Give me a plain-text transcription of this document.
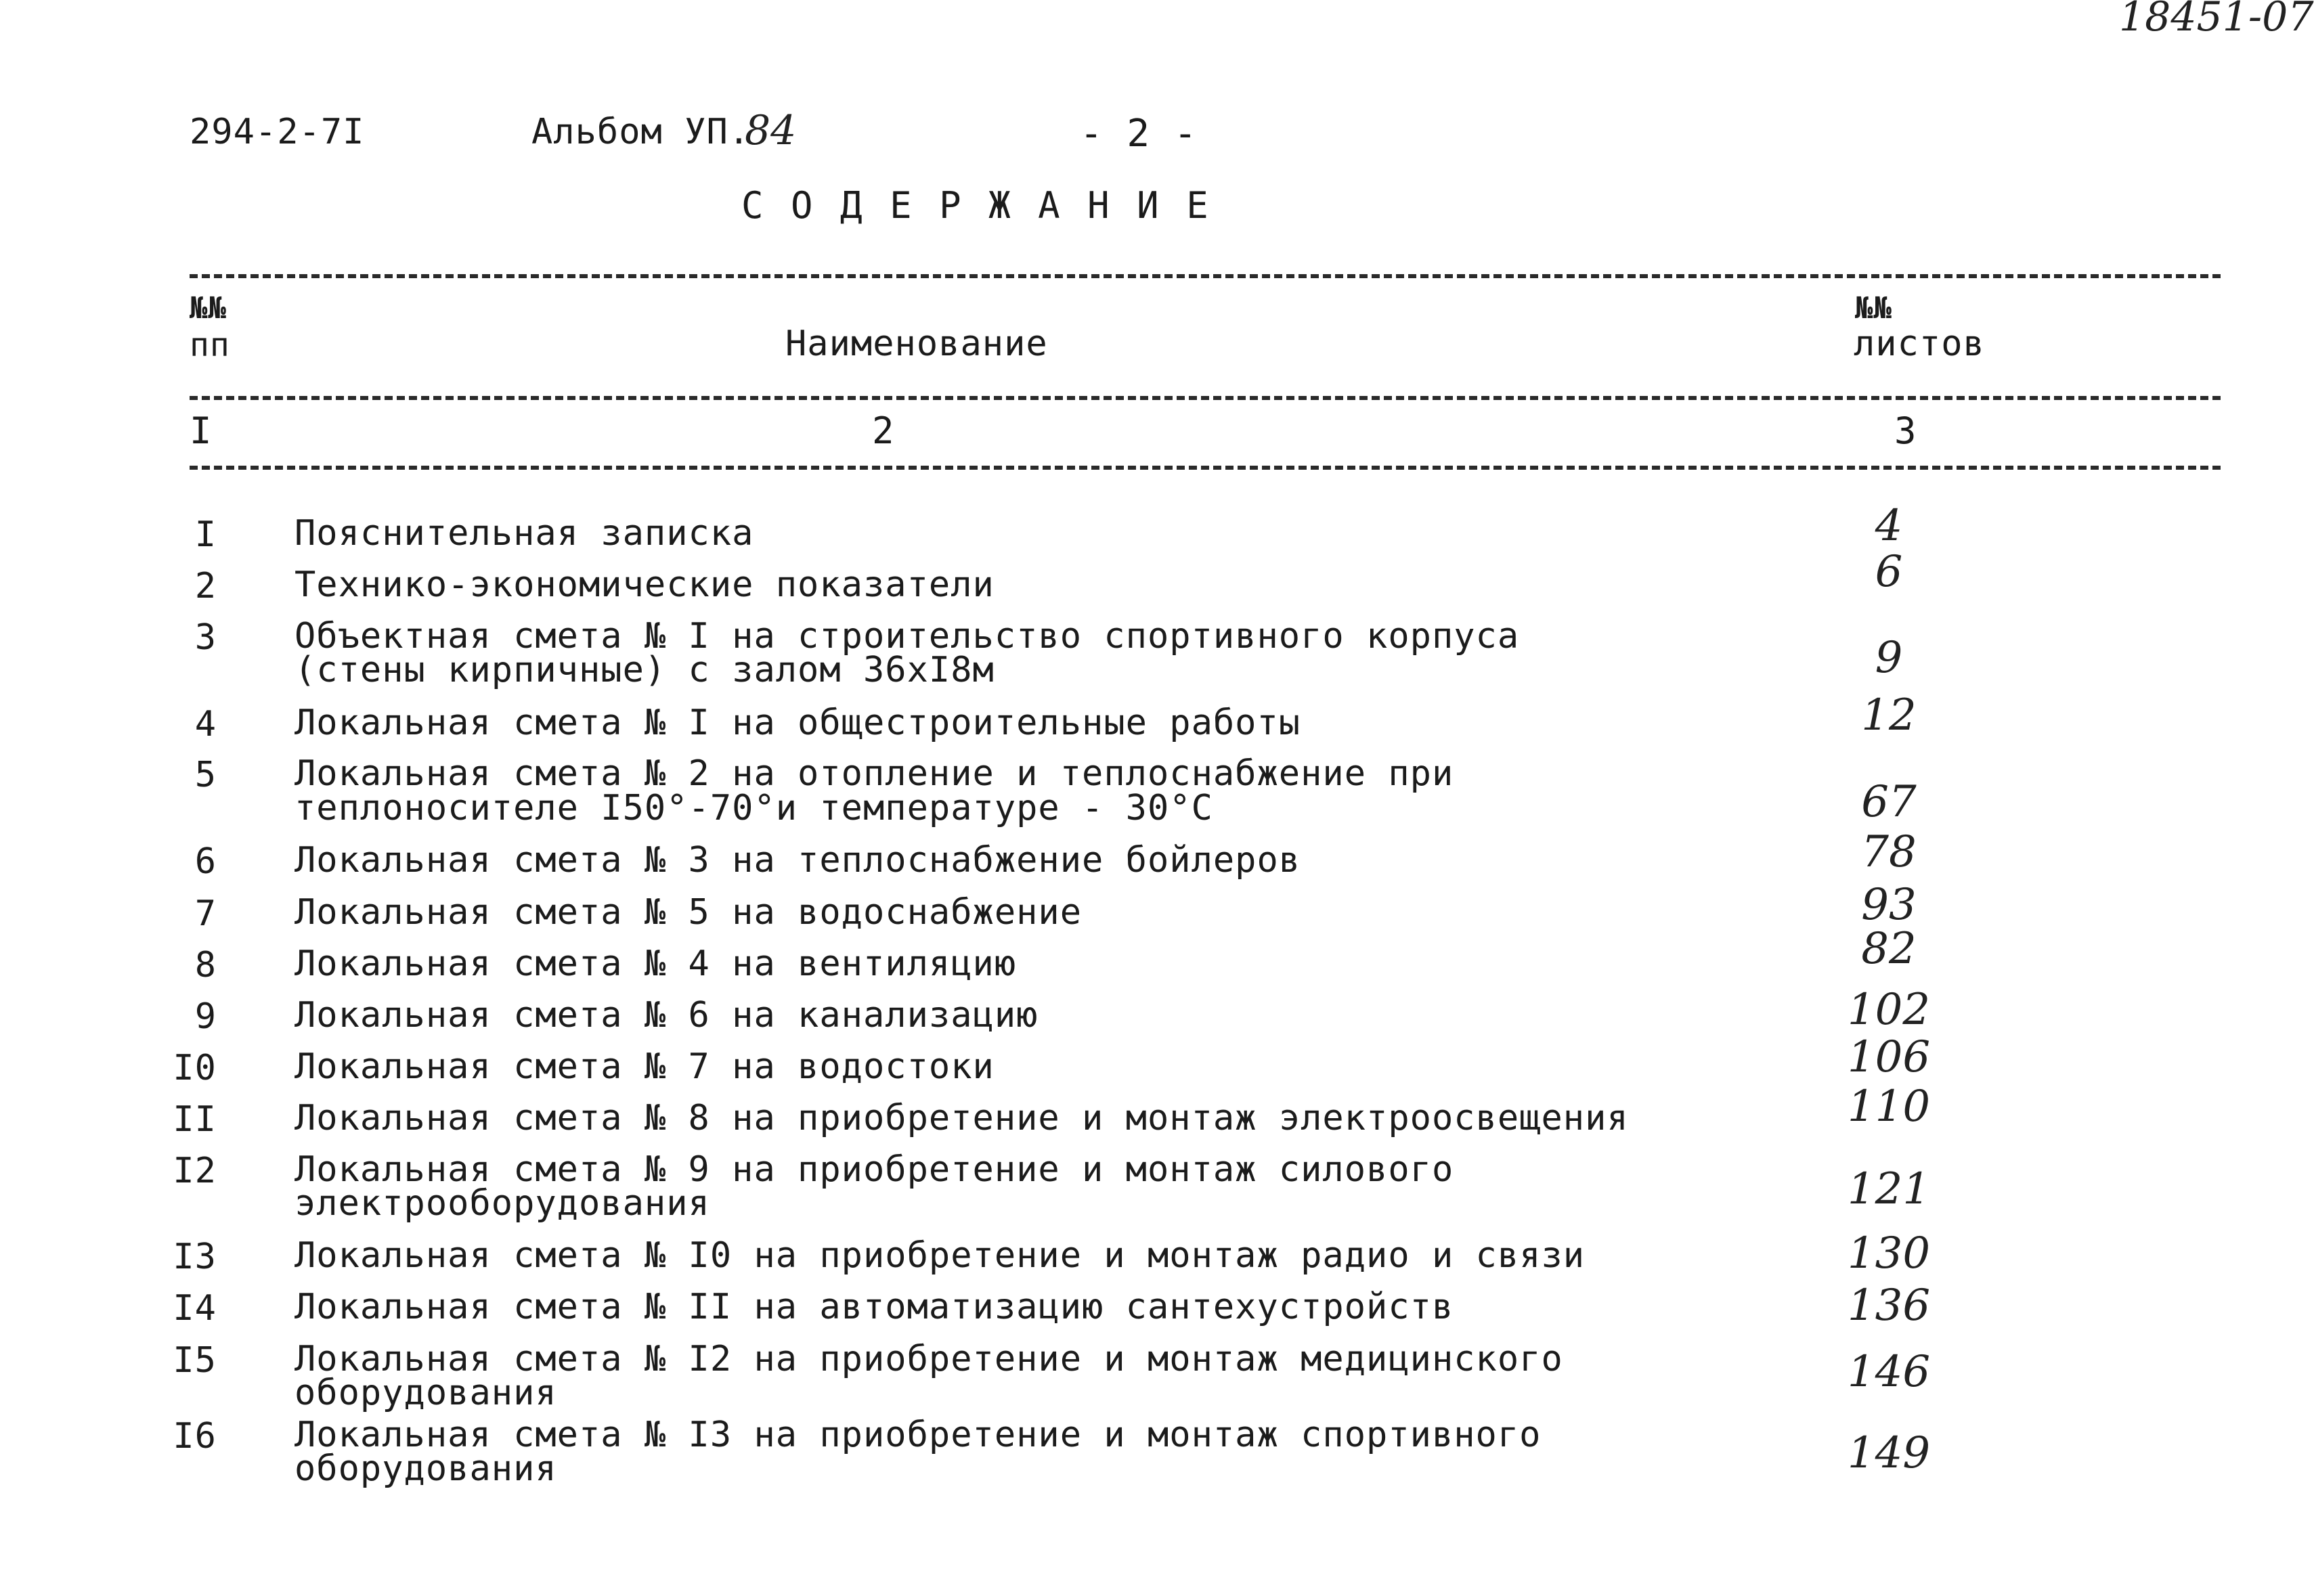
18451-07
294-2-7I	Альбом УП.
84	- 2 -
С О Д Е Р Ж А Н И Е
№№
пп	Наименование
№№
листов
I	2	3
I Пояснительная записка	4
2 Технико-экономические показатели	6
3 Объектная смета № I на строительство спортивного корпуса
(стены кирпичные) с залом 36хI8м	9
4 Локальная смета № I на общестроительные работы	12
5 Локальная смета № 2 на отопление и теплоснабжение при
теплоносителе I50°-70°и температуре - 30°С	67
6 Локальная смета № 3 на теплоснабжение бойлеров	78
7 Локальная смета № 5 на водоснабжение	93
8 Локальная смета № 4 на вентиляцию	82
9 Локальная смета № 6 на канализацию	102
I0 Локальная смета № 7 на водостоки	106
II Локальная смета № 8 на приобретение и монтаж электроосвещения	110
I2 Локальная смета № 9 на приобретение и монтаж силового
электрооборудования	121
I3 Локальная смета № I0 на приобретение и монтаж радио и связи	130
I4 Локальная смета № II на автоматизацию сантехустройств	136
I5 Локальная смета № I2 на приобретение и монтаж медицинского
оборудования	146
I6 Локальная смета № I3 на приобретение и монтаж спортивного
оборудования	149
